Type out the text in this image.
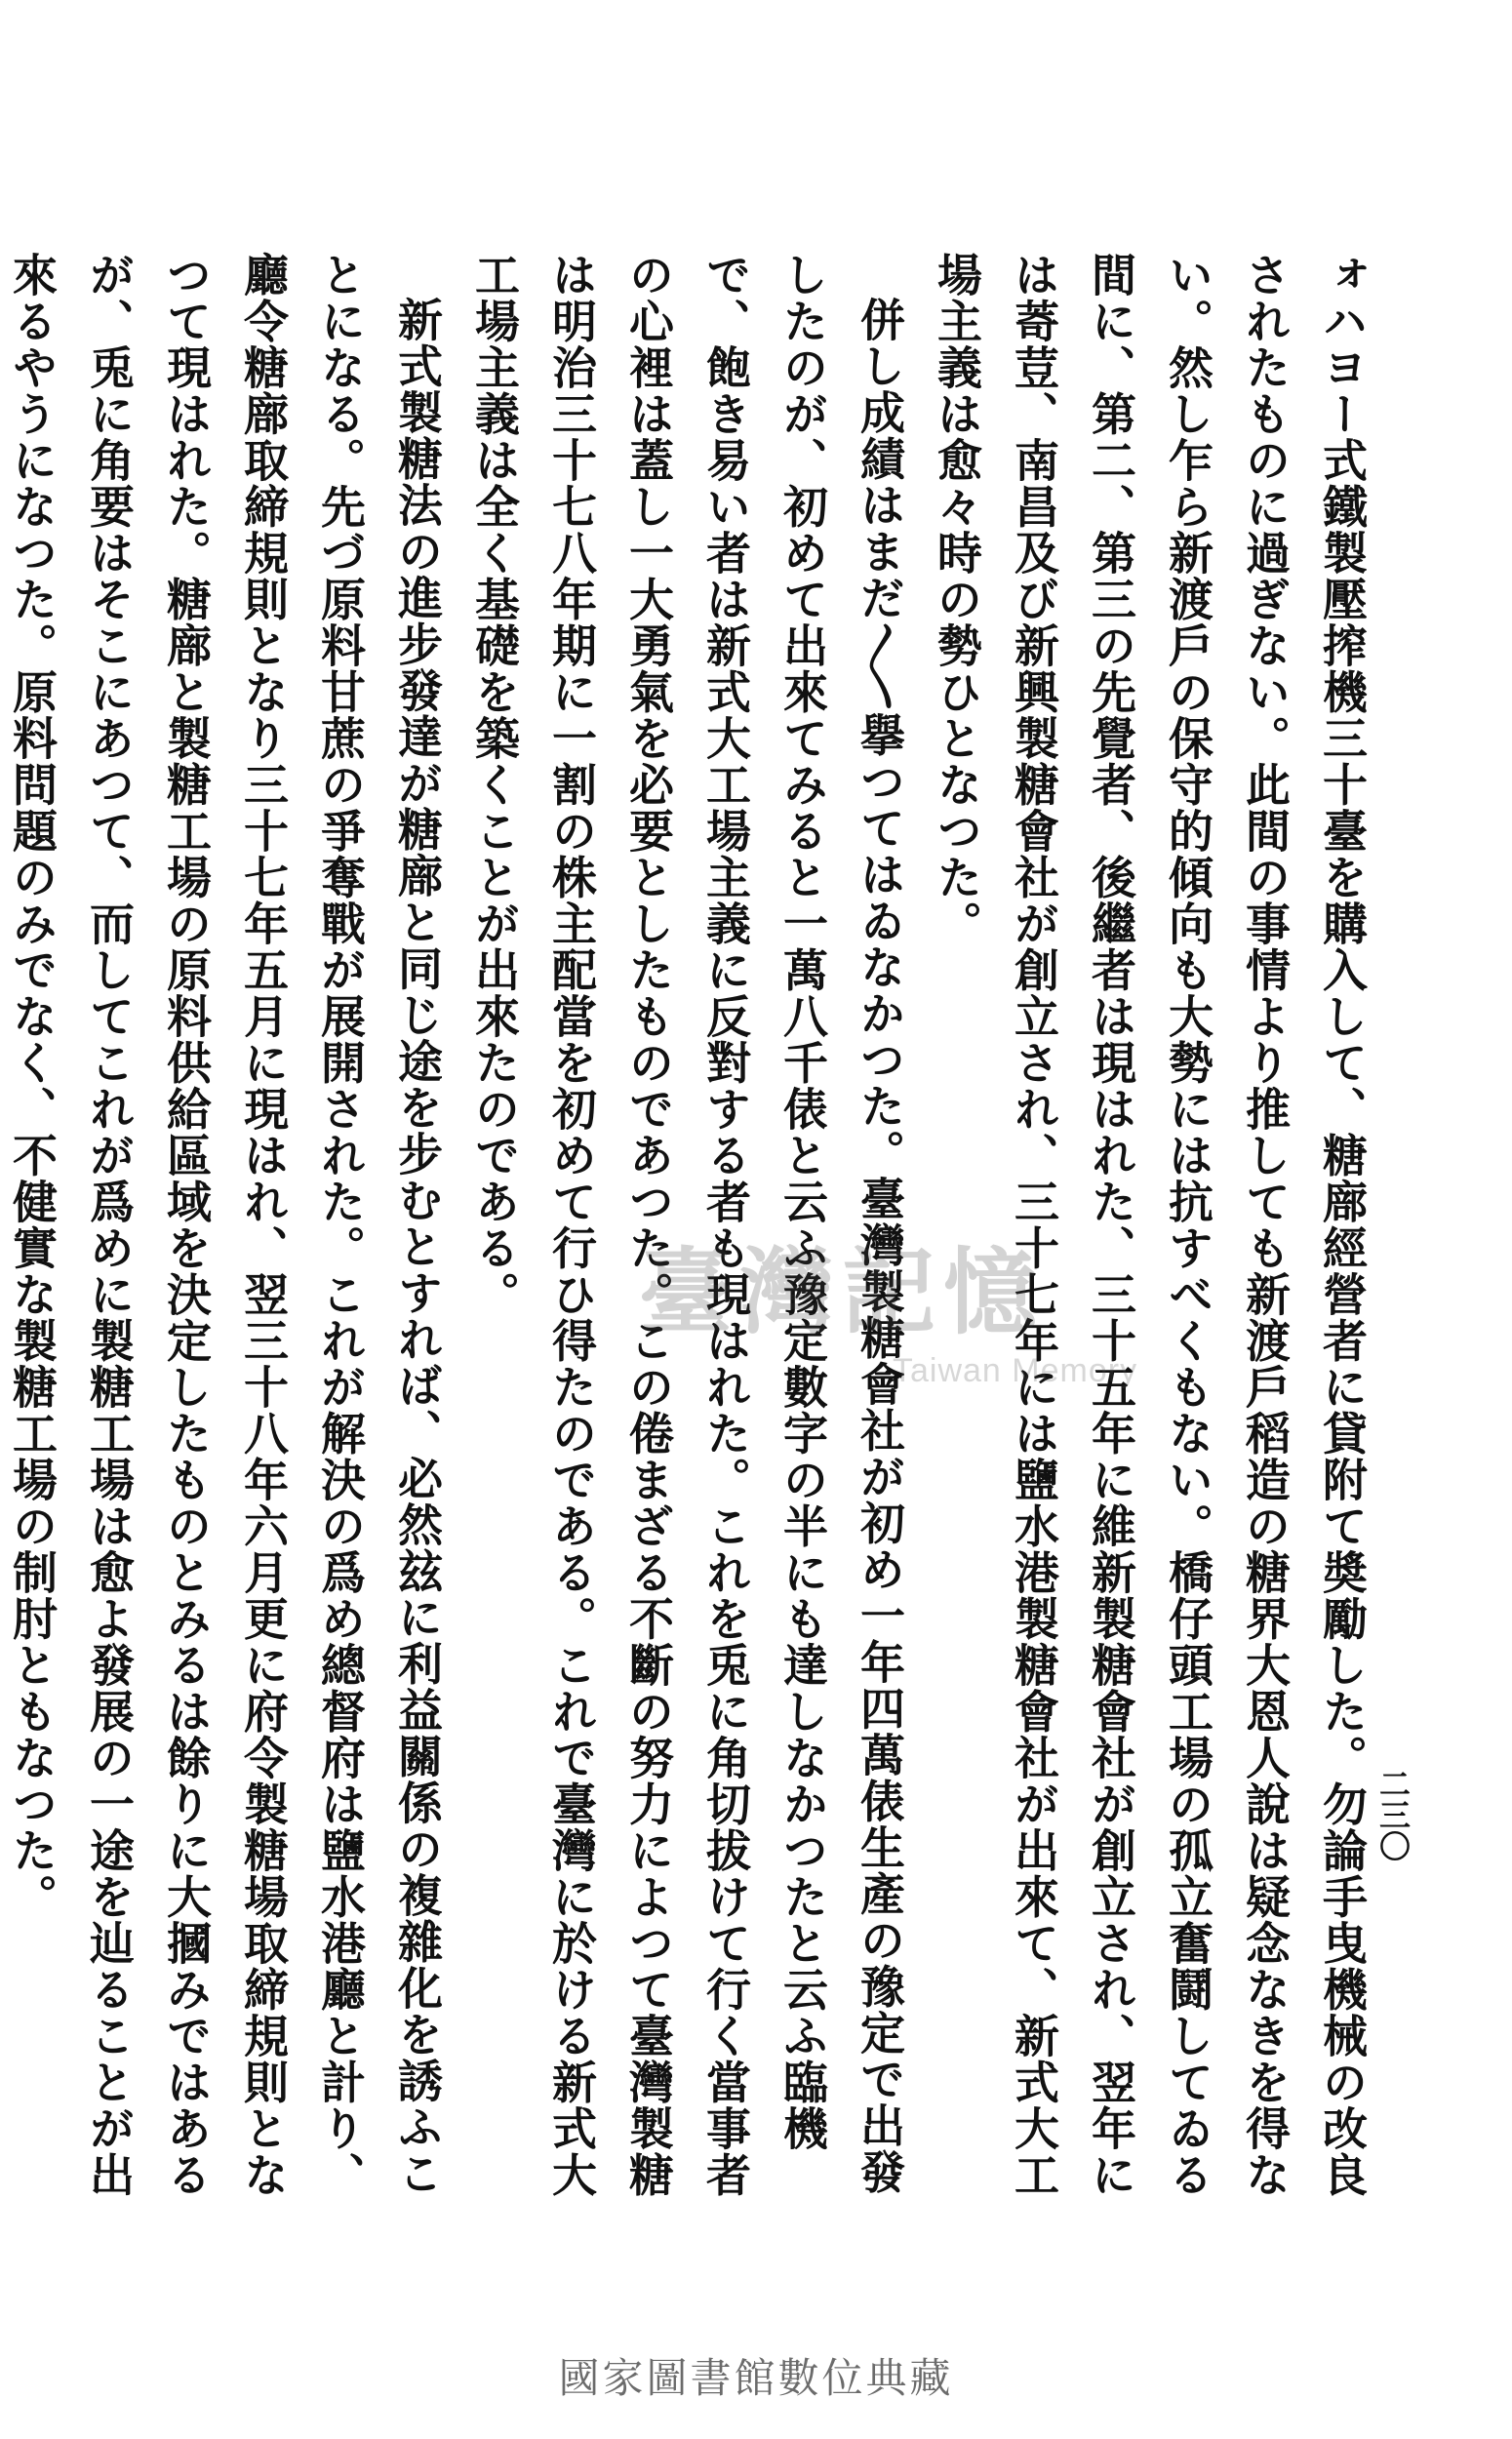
二三〇

ォハヨー式鐵製壓搾機三十臺を購入して、糖廍經營者に貸附て奬勵した。勿論手曳機械の改良されたものに過ぎない。此間の事情より推しても新渡戶稻造の糖界大恩人說は疑念なきを得ない。然し乍ら新渡戶の保守的傾向も大勢には抗すべくもない。橋仔頭工場の孤立奮鬪してゐる間に、第二、第三の先覺者、後繼者は現はれた、三十五年に維新製糖會社が創立され、翌年には䓫荳、南昌及び新興製糖會社が創立され、三十七年には鹽水港製糖會社が出來て、新式大工場主義は愈々時の勢ひとなつた。

併し成績はまだ〱擧つてはゐなかつた。臺灣製糖會社が初め一年四萬俵生產の豫定で出發したのが、初めて出來てみると一萬八千俵と云ふ豫定數字の半にも達しなかつたと云ふ臨機で、飽き易い者は新式大工場主義に反對する者も現はれた。これを兎に角切拔けて行く當事者の心裡は蓋し一大勇氣を必要としたものであつた。この倦まざる不斷の努力によつて臺灣製糖は明治三十七八年期に一割の株主配當を初めて行ひ得たのである。これで臺灣に於ける新式大工場主義は全く基礎を築くことが出來たのである。

新式製糖法の進步發達が糖廍と同じ途を步むとすれば、必然玆に利益關係の複雜化を誘ふことになる。先づ原料甘蔗の爭奪戰が展開された。これが解決の爲め總督府は鹽水港廳と計り、廳令糖廍取締規則となり三十七年五月に現はれ、翌三十八年六月更に府令製糖場取締規則となつて現はれた。糖廍と製糖工場の原料供給區域を決定したものとみるは餘りに大摑みではあるが、兎に角要はそこにあつて、而してこれが爲めに製糖工場は愈よ發展の一途を辿ることが出來るやうになつた。原料問題のみでなく、不健實な製糖工場の制肘ともなつた。	臺灣記憶
Taiwan Memory
國家圖書館數位典藏
